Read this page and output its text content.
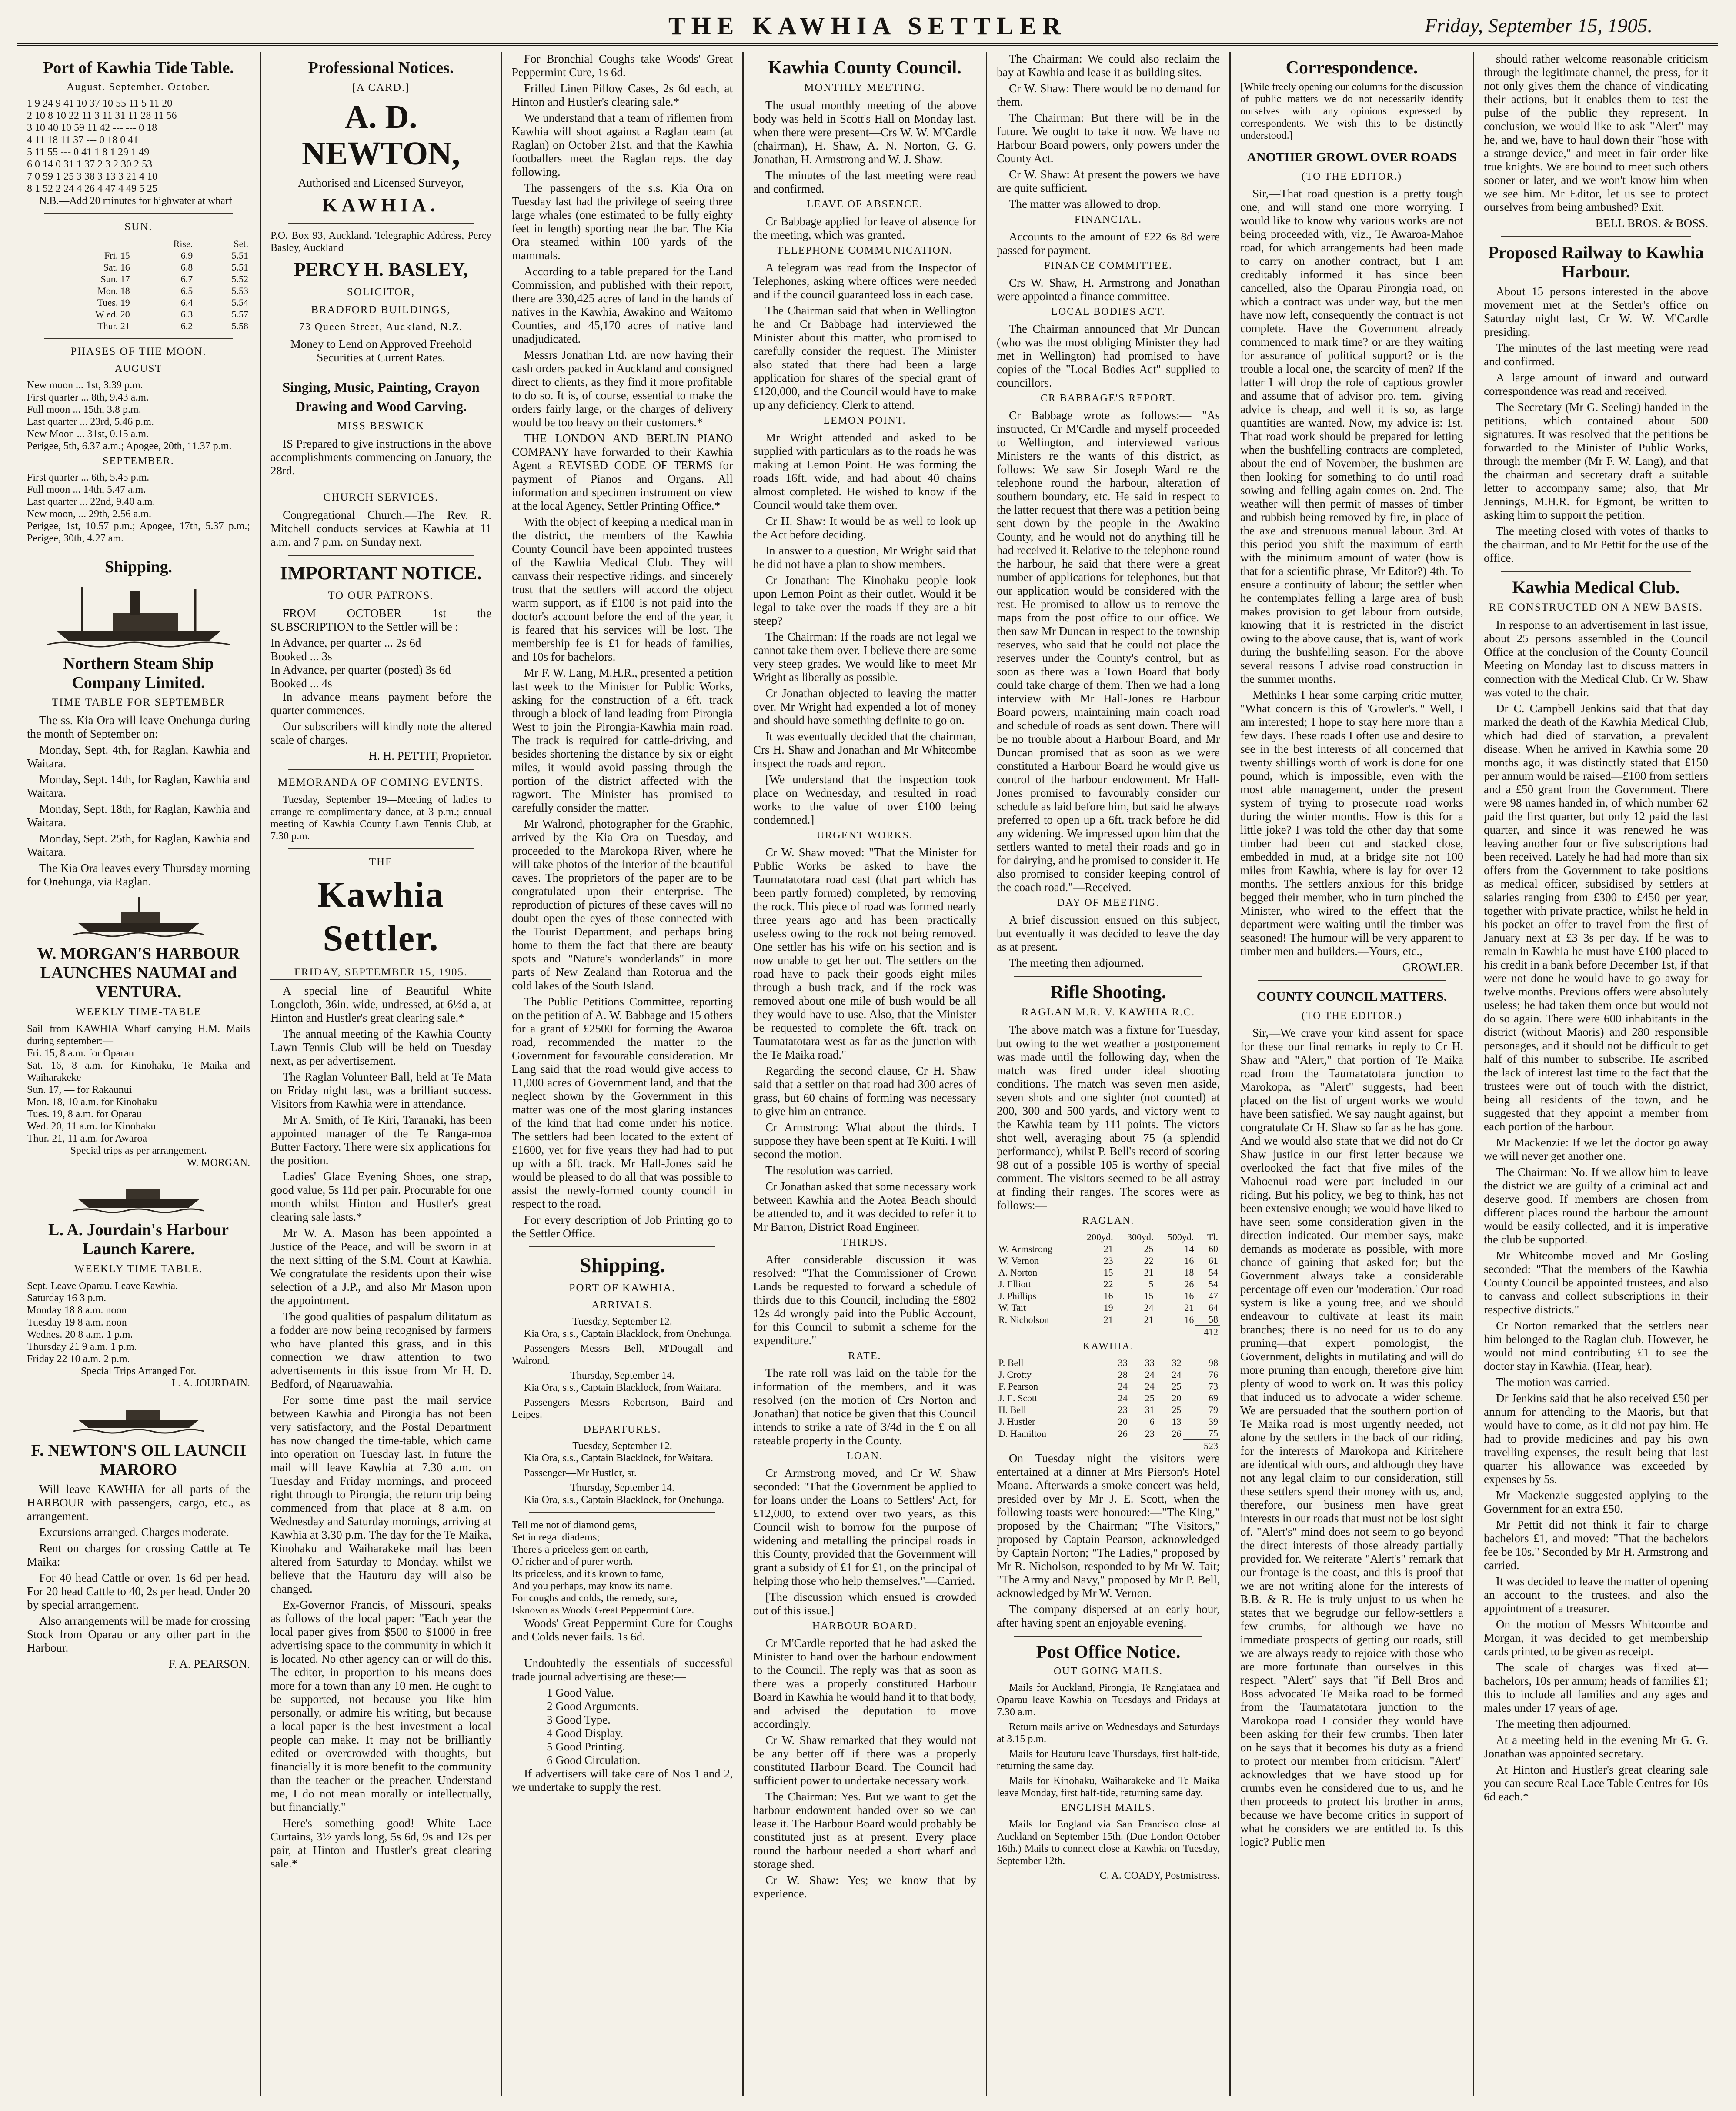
THE KAWHIA SETTLER	Friday, September 15, 1905.
Port of Kawhia Tide Table.
August. September. October.
1 9 24 9 41 10 37 10 55 11 5 11 20
2 10 8 10 22 11 3 11 31 11 28 11 56
3 10 40 10 59 11 42 --- --- 0 18
4 11 18 11 37 --- 0 18 0 41
5 11 55 --- 0 41 1 8 1 29 1 49
6 0 14 0 31 1 37 2 3 2 30 2 53
7 0 59 1 25 3 38 3 13 3 21 4 10
8 1 52 2 24 4 26 4 47 4 49 5 25

N.B.—Add 20 minutes for highwater at wharf

SUN.
	Rise.	Set.
Fri. 15	6.9	5.51
Sat. 16	6.8	5.51
Sun. 17	6.7	5.52
Mon. 18	6.5	5.53
Tues. 19	6.4	5.54
W ed. 20	6.3	5.57
Thur. 21	6.2	5.58
PHASES OF THE MOON.
AUGUST
New moon ... 1st, 3.39 p.m.
First quarter ... 8th, 9.43 a.m.
Full moon ... 15th, 3.8 p.m.
Last quarter ... 23rd, 5.46 p.m.
New Moon ... 31st, 0.15 a.m.
Perigee, 5th, 6.37 a.m.; Apogee, 20th, 11.37 p.m.
SEPTEMBER.
First quarter ... 6th, 5.45 p.m.
Full moon ... 14th, 5.47 a.m.
Last quarter ... 22nd, 9.40 a.m.
New moon, ... 29th, 2.56 a.m.
Perigee, 1st, 10.57 p.m.; Apogee, 17th, 5.37 p.m.; Perigee, 30th, 4.27 am.
Shipping.
Northern Steam Ship Company Limited.
TIME TABLE FOR SEPTEMBER

The ss. Kia Ora will leave Onehunga during the month of September on:—

Monday, Sept. 4th, for Raglan, Kawhia and Waitara.

Monday, Sept. 14th, for Raglan, Kawhia and Waitara.

Monday, Sept. 18th, for Raglan, Kawhia and Waitara.

Monday, Sept. 25th, for Raglan, Kawhia and Waitara.

The Kia Ora leaves every Thursday morning for Onehunga, via Raglan.

W. MORGAN'S HARBOUR LAUNCHES NAUMAI and VENTURA.
WEEKLY TIME-TABLE
Sail from KAWHIA Wharf carrying H.M. Mails during september:—
Fri. 15, 8 a.m. for Oparau
Sat. 16, 8 a.m. for Kinohaku, Te Maika and Waiharakeke
Sun. 17, — for Rakaunui
Mon. 18, 10 a.m. for Kinohaku
Tues. 19, 8 a.m. for Oparau
Wed. 20, 11 a.m. for Kinohaku
Thur. 21, 11 a.m. for Awaroa
Special trips as per arrangement.
W. MORGAN.
L. A. Jourdain's Harbour Launch Karere.
WEEKLY TIME TABLE.
Sept. Leave Oparau. Leave Kawhia.
Saturday 16 3 p.m.
Monday 18 8 a.m. noon
Tuesday 19 8 a.m. noon
Wednes. 20 8 a.m. 1 p.m.
Thursday 21 9 a.m. 1 p.m.
Friday 22 10 a.m. 2 p.m.
Special Trips Arranged For.
L. A. JOURDAIN.
F. NEWTON'S OIL LAUNCH MARORO

Will leave KAWHIA for all parts of the HARBOUR with passengers, cargo, etc., as arrangement.

Excursions arranged. Charges moderate.

Rent on charges for crossing Cattle at Te Maika:—

For 40 head Cattle or over, 1s 6d per head. For 20 head Cattle to 40, 2s per head. Under 20 by special arrangement.

Also arrangements will be made for crossing Stock from Oparau or any other part in the Harbour.

F. A. PEARSON.
Professional Notices.
[A CARD.]
A. D. NEWTON,
Authorised and Licensed Surveyor,
KAWHIA.
P.O. Box 93, Auckland. Telegraphic Address, Percy Basley, Auckland
PERCY H. BASLEY,
SOLICITOR,
BRADFORD BUILDINGS,
73 Queen Street, Auckland, N.Z.
Money to Lend on Approved Freehold Securities at Current Rates.
Singing, Music, Painting, Crayon Drawing and Wood Carving.
MISS BESWICK

IS Prepared to give instructions in the above accomplishments commencing on January, the 28rd.

CHURCH SERVICES.

Congregational Church.—The Rev. R. Mitchell conducts services at Kawhia at 11 a.m. and 7 p.m. on Sunday next.

IMPORTANT NOTICE.
TO OUR PATRONS.

FROM OCTOBER 1st the SUBSCRIPTION to the Settler will be :—

In Advance, per quarter ... 2s 6d
Booked ... 3s
In Advance, per quarter (posted) 3s 6d
Booked ... 4s

In advance means payment before the quarter commences.

Our subscribers will kindly note the altered scale of charges.

H. H. PETTIT, Proprietor.
MEMORANDA OF COMING EVENTS.

Tuesday, September 19—Meeting of ladies to arrange re complimentary dance, at 3 p.m.; annual meeting of Kawhia County Lawn Tennis Club, at 7.30 p.m.

THE
Kawhia Settler.
FRIDAY, SEPTEMBER 15, 1905.

A special line of Beautiful White Longcloth, 36in. wide, undressed, at 6½d a, at Hinton and Hustler's great clearing sale.*

The annual meeting of the Kawhia County Lawn Tennis Club will be held on Tuesday next, as per advertisement.

The Raglan Volunteer Ball, held at Te Mata on Friday night last, was a brilliant success. Visitors from Kawhia were in attendance.

Mr A. Smith, of Te Kiri, Taranaki, has been appointed manager of the Te Ranga-moa Butter Factory. There were six applications for the position.

Ladies' Glace Evening Shoes, one strap, good value, 5s 11d per pair. Procurable for one month whilst Hinton and Hustler's great clearing sale lasts.*

Mr W. A. Mason has been appointed a Justice of the Peace, and will be sworn in at the next sitting of the S.M. Court at Kawhia. We congratulate the residents upon their wise selection of a J.P., and also Mr Mason upon the appointment.

The good qualities of paspalum dilitatum as a fodder are now being recognised by farmers who have planted this grass, and in this connection we draw attention to two advertisements in this issue from Mr H. D. Bedford, of Ngaruawahia.

For some time past the mail service between Kawhia and Pirongia has not been very satisfactory, and the Postal Department has now changed the time-table, which came into operation on Tuesday last. In future the mail will leave Kawhia at 7.30 a.m. on Tuesday and Friday mornings, and proceed right through to Pirongia, the return trip being commenced from that place at 8 a.m. on Wednesday and Saturday mornings, arriving at Kawhia at 3.30 p.m. The day for the Te Maika, Kinohaku and Waiharakeke mail has been altered from Saturday to Monday, whilst we believe that the Hauturu day will also be changed.

Ex-Governor Francis, of Missouri, speaks as follows of the local paper: "Each year the local paper gives from $500 to $1000 in free advertising space to the community in which it is located. No other agency can or will do this. The editor, in proportion to his means does more for a town than any 10 men. He ought to be supported, not because you like him personally, or admire his writing, but because a local paper is the best investment a local people can make. It may not be brilliantly edited or overcrowded with thoughts, but financially it is more benefit to the community than the teacher or the preacher. Understand me, I do not mean morally or intellectually, but financially."

Here's something good! White Lace Curtains, 3½ yards long, 5s 6d, 9s and 12s per pair, at Hinton and Hustler's great clearing sale.*

For Bronchial Coughs take Woods' Great Peppermint Cure, 1s 6d.

Frilled Linen Pillow Cases, 2s 6d each, at Hinton and Hustler's clearing sale.*

We understand that a team of riflemen from Kawhia will shoot against a Raglan team (at Raglan) on October 21st, and that the Kawhia footballers meet the Raglan reps. the day following.

The passengers of the s.s. Kia Ora on Tuesday last had the privilege of seeing three large whales (one estimated to be fully eighty feet in length) sporting near the bar. The Kia Ora steamed within 100 yards of the mammals.

According to a table prepared for the Land Commission, and published with their report, there are 330,425 acres of land in the hands of natives in the Kawhia, Awakino and Waitomo Counties, and 45,170 acres of native land unadjudicated.

Messrs Jonathan Ltd. are now having their cash orders packed in Auckland and consigned direct to clients, as they find it more profitable to do so. It is, of course, essential to make the orders fairly large, or the charges of delivery would be too heavy on their customers.*

THE LONDON AND BERLIN PIANO COMPANY have forwarded to their Kawhia Agent a REVISED CODE OF TERMS for payment of Pianos and Organs. All information and specimen instrument on view at the local Agency, Settler Printing Office.*

With the object of keeping a medical man in the district, the members of the Kawhia County Council have been appointed trustees of the Kawhia Medical Club. They will canvass their respective ridings, and sincerely trust that the settlers will accord the object warm support, as if £100 is not paid into the doctor's account before the end of the year, it is feared that his services will be lost. The membership fee is £1 for heads of families, and 10s for bachelors.

Mr F. W. Lang, M.H.R., presented a petition last week to the Minister for Public Works, asking for the construction of a 6ft. track through a block of land leading from Pirongia West to join the Pirongia-Kawhia main road. The track is required for cattle-driving, and besides shortening the distance by six or eight miles, it would avoid passing through the portion of the district affected with the ragwort. The Minister has promised to carefully consider the matter.

Mr Walrond, photographer for the Graphic, arrived by the Kia Ora on Tuesday, and proceeded to the Marokopa River, where he will take photos of the interior of the beautiful caves. The proprietors of the paper are to be congratulated upon their enterprise. The reproduction of pictures of these caves will no doubt open the eyes of those connected with the Tourist Department, and perhaps bring home to them the fact that there are beauty spots and "Nature's wonderlands" in more parts of New Zealand than Rotorua and the cold lakes of the South Island.

The Public Petitions Committee, reporting on the petition of A. W. Babbage and 15 others for a grant of £2500 for forming the Awaroa road, recommended the matter to the Government for favourable consideration. Mr Lang said that the road would give access to 11,000 acres of Government land, and that the neglect shown by the Government in this matter was one of the most glaring instances of the kind that had come under his notice. The settlers had been located to the extent of £1600, yet for five years they had had to put up with a 6ft. track. Mr Hall-Jones said he would be pleased to do all that was possible to assist the newly-formed county council in respect to the road.

For every description of Job Printing go to the Settler Office.

Shipping.
PORT OF KAWHIA.
ARRIVALS.
Tuesday, September 12.

Kia Ora, s.s., Captain Blacklock, from Onehunga.

Passengers—Messrs Bell, M'Dougall and Walrond.

Thursday, September 14.

Kia Ora, s.s., Captain Blacklock, from Waitara.

Passengers—Messrs Robertson, Baird and Leipes.

DEPARTURES.
Tuesday, September 12.

Kia Ora, s.s., Captain Blacklock, for Waitara.

Passenger—Mr Hustler, sr.

Thursday, September 14.

Kia Ora, s.s., Captain Blacklock, for Onehunga.

Tell me not of diamond gems,
Set in regal diadems;
There's a priceless gem on earth,
Of richer and of purer worth.
Its priceless, and it's known to fame,
And you perhaps, may know its name.
For coughs and colds, the remedy, sure,
Isknown as Woods' Great Peppermint Cure.

Woods' Great Peppermint Cure for Coughs and Colds never fails. 1s 6d.

Undoubtedly the essentials of successful trade journal advertising are these:—

1 Good Value.
2 Good Arguments.
3 Good Type.
4 Good Display.
5 Good Printing.
6 Good Circulation.

If advertisers will take care of Nos 1 and 2, we undertake to supply the rest.

Kawhia County Council.
MONTHLY MEETING.

The usual monthly meeting of the above body was held in Scott's Hall on Monday last, when there were present—Crs W. W. M'Cardle (chairman), H. Shaw, A. N. Norton, G. G. Jonathan, H. Armstrong and W. J. Shaw.

The minutes of the last meeting were read and confirmed.

LEAVE OF ABSENCE.

Cr Babbage applied for leave of absence for the meeting, which was granted.

TELEPHONE COMMUNICATION.

A telegram was read from the Inspector of Telephones, asking where offices were needed and if the council guaranteed loss in each case.

The Chairman said that when in Wellington he and Cr Babbage had interviewed the Minister about this matter, who promised to carefully consider the request. The Minister also stated that there had been a large application for shares of the special grant of £120,000, and the Council would have to make up any deficiency. Clerk to attend.

LEMON POINT.

Mr Wright attended and asked to be supplied with particulars as to the roads he was making at Lemon Point. He was forming the roads 16ft. wide, and had about 40 chains almost completed. He wished to know if the Council would take them over.

Cr H. Shaw: It would be as well to look up the Act before deciding.

In answer to a question, Mr Wright said that he did not have a plan to show members.

Cr Jonathan: The Kinohaku people look upon Lemon Point as their outlet. Would it be legal to take over the roads if they are a bit steep?

The Chairman: If the roads are not legal we cannot take them over. I believe there are some very steep grades. We would like to meet Mr Wright as liberally as possible.

Cr Jonathan objected to leaving the matter over. Mr Wright had expended a lot of money and should have something definite to go on.

It was eventually decided that the chairman, Crs H. Shaw and Jonathan and Mr Whitcombe inspect the roads and report.

[We understand that the inspection took place on Wednesday, and resulted in road works to the value of over £100 being condemned.]

URGENT WORKS.

Cr W. Shaw moved: "That the Minister for Public Works be asked to have the Taumatatotara road cast (that part which has been partly formed) completed, by removing the rock. This piece of road was formed nearly three years ago and has been practically useless owing to the rock not being removed. One settler has his wife on his section and is now unable to get her out. The settlers on the road have to pack their goods eight miles through a bush track, and if the rock was removed about one mile of bush would be all they would have to use. Also, that the Minister be requested to complete the 6ft. track on Taumatatotara west as far as the junction with the Te Maika road."

Regarding the second clause, Cr H. Shaw said that a settler on that road had 300 acres of grass, but 60 chains of forming was necessary to give him an entrance.

Cr Armstrong: What about the thirds. I suppose they have been spent at Te Kuiti. I will second the motion.

The resolution was carried.

Cr Jonathan asked that some necessary work between Kawhia and the Aotea Beach should be attended to, and it was decided to refer it to Mr Barron, District Road Engineer.

THIRDS.

After considerable discussion it was resolved: "That the Commissioner of Crown Lands be requested to forward a schedule of thirds due to this Council, including the £802 12s 4d wrongly paid into the Public Account, for this Council to submit a scheme for the expenditure."

RATE.

The rate roll was laid on the table for the information of the members, and it was resolved (on the motion of Crs Norton and Jonathan) that notice be given that this Council intends to strike a rate of 3/4d in the £ on all rateable property in the County.

LOAN.

Cr Armstrong moved, and Cr W. Shaw seconded: "That the Government be applied to for loans under the Loans to Settlers' Act, for £12,000, to extend over two years, as this Council wish to borrow for the purpose of widening and metalling the principal roads in this County, provided that the Government will grant a subsidy of £1 for £1, on the principal of helping those who help themselves."—Carried.

[The discussion which ensued is crowded out of this issue.]

HARBOUR BOARD.

Cr M'Cardle reported that he had asked the Minister to hand over the harbour endowment to the Council. The reply was that as soon as there was a properly constituted Harbour Board in Kawhia he would hand it to that body, and advised the deputation to move accordingly.

Cr W. Shaw remarked that they would not be any better off if there was a properly constituted Harbour Board. The Council had sufficient power to undertake necessary work.

The Chairman: Yes. But we want to get the harbour endowment handed over so we can lease it. The Harbour Board would probably be constituted just as at present. Every place round the harbour needed a short wharf and storage shed.

Cr W. Shaw: Yes; we know that by experience.

The Chairman: We could also reclaim the bay at Kawhia and lease it as building sites.

Cr W. Shaw: There would be no demand for them.

The Chairman: But there will be in the future. We ought to take it now. We have no Harbour Board powers, only powers under the County Act.

Cr W. Shaw: At present the powers we have are quite sufficient.

The matter was allowed to drop.

FINANCIAL.

Accounts to the amount of £22 6s 8d were passed for payment.

FINANCE COMMITTEE.

Crs W. Shaw, H. Armstrong and Jonathan were appointed a finance committee.

LOCAL BODIES ACT.

The Chairman announced that Mr Duncan (who was the most obliging Minister they had met in Wellington) had promised to have copies of the "Local Bodies Act" supplied to councillors.

CR BABBAGE'S REPORT.

Cr Babbage wrote as follows:— "As instructed, Cr M'Cardle and myself proceeded to Wellington, and interviewed various Ministers re the wants of this district, as follows: We saw Sir Joseph Ward re the telephone round the harbour, alteration of southern boundary, etc. He said in respect to the latter request that there was a petition being sent down by the people in the Awakino County, and he would not do anything till he had received it. Relative to the telephone round the harbour, he said that there were a great number of applications for telephones, but that our application would be considered with the rest. He promised to allow us to remove the maps from the post office to our office. We then saw Mr Duncan in respect to the township reserves, who said that he could not place the reserves under the County's control, but as soon as there was a Town Board that body could take charge of them. Then we had a long interview with Mr Hall-Jones re Harbour Board powers, maintaining main coach road and schedule of roads as sent down. There will be no trouble about a Harbour Board, and Mr Duncan promised that as soon as we were constituted a Harbour Board he would give us control of the harbour endowment. Mr Hall-Jones promised to favourably consider our schedule as laid before him, but said he always preferred to open up a 6ft. track before he did any widening. We impressed upon him that the settlers wanted to metal their roads and go in for dairying, and he promised to consider it. He also promised to consider keeping control of the coach road."—Received.

DAY OF MEETING.

A brief discussion ensued on this subject, but eventually it was decided to leave the day as at present.

The meeting then adjourned.

Rifle Shooting.
RAGLAN M.R. V. KAWHIA R.C.

The above match was a fixture for Tuesday, but owing to the wet weather a postponement was made until the following day, when the match was fired under ideal shooting conditions. The match was seven men aside, seven shots and one sighter (not counted) at 200, 300 and 500 yards, and victory went to the Kawhia team by 111 points. The victors shot well, averaging about 75 (a splendid performance), whilst P. Bell's record of scoring 98 out of a possible 105 is worthy of special comment. The visitors seemed to be all astray at finding their ranges. The scores were as follows:—

RAGLAN.
	200yd.	300yd.	500yd.	Tl.
W. Armstrong	21	25	14	60
W. Vernon	23	22	16	61
A. Norton	15	21	18	54
J. Elliott	22	5	26	54
J. Phillips	16	15	16	47
W. Tait	19	24	21	64
R. Nicholson	21	21	16	58
				412
KAWHIA.
P. Bell	33	33	32	98
J. Crotty	28	24	24	76
F. Pearson	24	24	25	73
J. E. Scott	24	25	20	69
H. Bell	23	31	25	79
J. Hustler	20	6	13	39
D. Hamilton	26	23	26	75
				523

On Tuesday night the visitors were entertained at a dinner at Mrs Pierson's Hotel Moana. Afterwards a smoke concert was held, presided over by Mr J. E. Scott, when the following toasts were honoured:—"The King," proposed by the Chairman; "The Visitors," proposed by Captain Pearson, acknowledged by Captain Norton; "The Ladies," proposed by Mr R. Nicholson, responded to by Mr W. Tait; "The Army and Navy," proposed by Mr P. Bell, acknowledged by Mr W. Vernon.

The company dispersed at an early hour, after having spent an enjoyable evening.

Post Office Notice.
OUT GOING MAILS.

Mails for Auckland, Pirongia, Te Rangiataea and Oparau leave Kawhia on Tuesdays and Fridays at 7.30 a.m.

Return mails arrive on Wednesdays and Saturdays at 3.15 p.m.

Mails for Hauturu leave Thursdays, first half-tide, returning the same day.

Mails for Kinohaku, Waiharakeke and Te Maika leave Monday, first half-tide, returning same day.

ENGLISH MAILS.

Mails for England via San Francisco close at Auckland on September 15th. (Due London October 16th.) Mails to connect close at Kawhia on Tuesday, September 12th.

C. A. COADY, Postmistress.
Correspondence.

[While freely opening our columns for the discussion of public matters we do not necessarily identify ourselves with any opinions expressed by correspondents. We wish this to be distinctly understood.]

ANOTHER GROWL OVER ROADS
(TO THE EDITOR.)

Sir,—That road question is a pretty tough one, and will stand one more worrying. I would like to know why various works are not being proceeded with, viz., Te Awaroa-Mahoe road, for which arrangements had been made to carry on another contract, but I am creditably informed it has since been cancelled, also the Oparau Pirongia road, on which a contract was under way, but the men have now left, consequently the contract is not complete. Have the Government already commenced to mark time? or are they waiting for assurance of political support? or is the trouble a local one, the scarcity of men? If the latter I will drop the role of captious growler and assume that of advisor pro. tem.—giving advice is cheap, and well it is so, as large quantities are wanted. Now, my advice is: 1st. That road work should be prepared for letting when the bushfelling contracts are completed, about the end of November, the bushmen are then looking for something to do until road sowing and felling again comes on. 2nd. The weather will then permit of masses of timber and rubbish being removed by fire, in place of the axe and strenuous manual labour. 3rd. At this period you shift the maximum of earth with the minimum amount of water (how is that for a scientific phrase, Mr Editor?) 4th. To ensure a continuity of labour; the settler when he contemplates felling a large area of bush makes provision to get labour from outside, knowing that it is restricted in the district owing to the above cause, that is, want of work during the bushfelling season. For the above several reasons I advise road construction in the summer months.

Methinks I hear some carping critic mutter, "What concern is this of 'Growler's.'" Well, I am interested; I hope to stay here more than a few days. These roads I often use and desire to see in the best interests of all concerned that twenty shillings worth of work is done for one pound, which is impossible, even with the most able management, under the present system of trying to prosecute road works during the winter months. How is this for a little joke? I was told the other day that some timber had been cut and stacked close, embedded in mud, at a bridge site not 100 miles from Kawhia, where is lay for over 12 months. The settlers anxious for this bridge begged their member, who in turn pinched the Minister, who wired to the effect that the department were waiting until the timber was seasoned! The humour will be very apparent to timber men and builders.—Yours, etc.,

GROWLER.
COUNTY COUNCIL MATTERS.
(TO THE EDITOR.)

Sir,—We crave your kind assent for space for these our final remarks in reply to Cr H. Shaw and "Alert," that portion of Te Maika road from the Taumatatotara junction to Marokopa, as "Alert" suggests, had been placed on the list of urgent works we would have been satisfied. We say naught against, but congratulate Cr H. Shaw so far as he has gone. And we would also state that we did not do Cr Shaw justice in our first letter because we overlooked the fact that five miles of the Mahoenui road were part included in our riding. But his policy, we beg to think, has not been extensive enough; we would have liked to have seen some consideration given in the direction indicated. Our member says, make demands as moderate as possible, with more chance of gaining that asked for; but the Government always take a considerable percentage off even our 'moderation.' Our road system is like a young tree, and we should endeavour to cultivate at least its main branches; there is no need for us to do any pruning—that expert pomologist, the Government, delights in mutilating and will do more pruning than enough, therefore give him plenty of wood to work on. It was this policy that induced us to advocate a wider scheme. We are persuaded that the southern portion of Te Maika road is most urgently needed, not alone by the settlers in the back of our riding, for the interests of Marokopa and Kiritehere are identical with ours, and although they have not any legal claim to our consideration, still these settlers spend their money with us, and, therefore, our business men have great interests in our roads that must not be lost sight of. "Alert's" mind does not seem to go beyond the direct interests of those already partially provided for. We reiterate "Alert's" remark that our frontage is the coast, and this is proof that we are not writing alone for the interests of B.B. & R. He is truly unjust to us when he states that we begrudge our fellow-settlers a few crumbs, for although we have no immediate prospects of getting our roads, still we are always ready to rejoice with those who are more fortunate than ourselves in this respect. "Alert" says that "if Bell Bros and Boss advocated Te Maika road to be formed from the Taumatatotara junction to the Marokopa road I consider they would have been asking for their few crumbs. Then later on he says that it becomes his duty as a friend to protect our member from criticism. "Alert" acknowledges that we have stood up for crumbs even he considered due to us, and he then proceeds to protect his brother in arms, because we have become critics in support of what he considers we are entitled to. Is this logic? Public men

should rather welcome reasonable criticism through the legitimate channel, the press, for it not only gives them the chance of vindicating their actions, but it enables them to test the pulse of the public they represent. In conclusion, we would like to ask "Alert" may he, and we, have to haul down their "hose with a strange device," and meet in fair order like true knights. We are bound to meet such others sooner or later, and we won't know him when we see him. Mr Editor, let us see to protect ourselves from being ambushed? Exit.

BELL BROS. & BOSS.
Proposed Railway to Kawhia Harbour.

About 15 persons interested in the above movement met at the Settler's office on Saturday night last, Cr W. W. M'Cardle presiding.

The minutes of the last meeting were read and confirmed.

A large amount of inward and outward correspondence was read and received.

The Secretary (Mr G. Seeling) handed in the petitions, which contained about 500 signatures. It was resolved that the petitions be forwarded to the Minister of Public Works, through the member (Mr F. W. Lang), and that the chairman and secretary draft a suitable letter to accompany same; also, that Mr Jennings, M.H.R. for Egmont, be written to asking him to support the petition.

The meeting closed with votes of thanks to the chairman, and to Mr Pettit for the use of the office.

Kawhia Medical Club.
RE-CONSTRUCTED ON A NEW BASIS.

In response to an advertisement in last issue, about 25 persons assembled in the Council Office at the conclusion of the County Council Meeting on Monday last to discuss matters in connection with the Medical Club. Cr W. Shaw was voted to the chair.

Dr C. Campbell Jenkins said that that day marked the death of the Kawhia Medical Club, which had died of starvation, a prevalent disease. When he arrived in Kawhia some 20 months ago, it was distinctly stated that £150 per annum would be raised—£100 from settlers and a £50 grant from the Government. There were 98 names handed in, of which number 62 paid the first quarter, but only 12 paid the last quarter, and since it was renewed he was leaving another four or five subscriptions had been received. Lately he had had more than six offers from the Government to take positions as medical officer, subsidised by settlers at salaries ranging from £300 to £450 per year, together with private practice, whilst he held in his pocket an offer to travel from the first of January next at £3 3s per day. If he was to remain in Kawhia he must have £100 placed to his credit in a bank before December 1st, if that were not done he would have to go away for twelve months. Previous offers were absolutely useless; he had taken them once but would not do so again. There were 600 inhabitants in the district (without Maoris) and 280 responsible personages, and it should not be difficult to get half of this number to subscribe. He ascribed the lack of interest last time to the fact that the trustees were out of touch with the district, being all residents of the town, and he suggested that they appoint a member from each portion of the harbour.

Mr Mackenzie: If we let the doctor go away we will never get another one.

The Chairman: No. If we allow him to leave the district we are guilty of a criminal act and deserve good. If members are chosen from different places round the harbour the amount would be easily collected, and it is imperative the club be supported.

Mr Whitcombe moved and Mr Gosling seconded: "That the members of the Kawhia County Council be appointed trustees, and also to canvass and collect subscriptions in their respective districts."

Cr Norton remarked that the settlers near him belonged to the Raglan club. However, he would not mind contributing £1 to see the doctor stay in Kawhia. (Hear, hear).

The motion was carried.

Dr Jenkins said that he also received £50 per annum for attending to the Maoris, but that would have to come, as it did not pay him. He had to provide medicines and pay his own travelling expenses, the result being that last quarter his allowance was exceeded by expenses by 5s.

Mr Mackenzie suggested applying to the Government for an extra £50.

Mr Pettit did not think it fair to charge bachelors £1, and moved: "That the bachelors fee be 10s." Seconded by Mr H. Armstrong and carried.

It was decided to leave the matter of opening an account to the trustees, and also the appointment of a treasurer.

On the motion of Messrs Whitcombe and Morgan, it was decided to get membership cards printed, to be given as receipt.

The scale of charges was fixed at—bachelors, 10s per annum; heads of families £1; this to include all families and any ages and males under 17 years of age.

The meeting then adjourned.

At a meeting held in the evening Mr G. G. Jonathan was appointed secretary.

At Hinton and Hustler's great clearing sale you can secure Real Lace Table Centres for 10s 6d each.*
